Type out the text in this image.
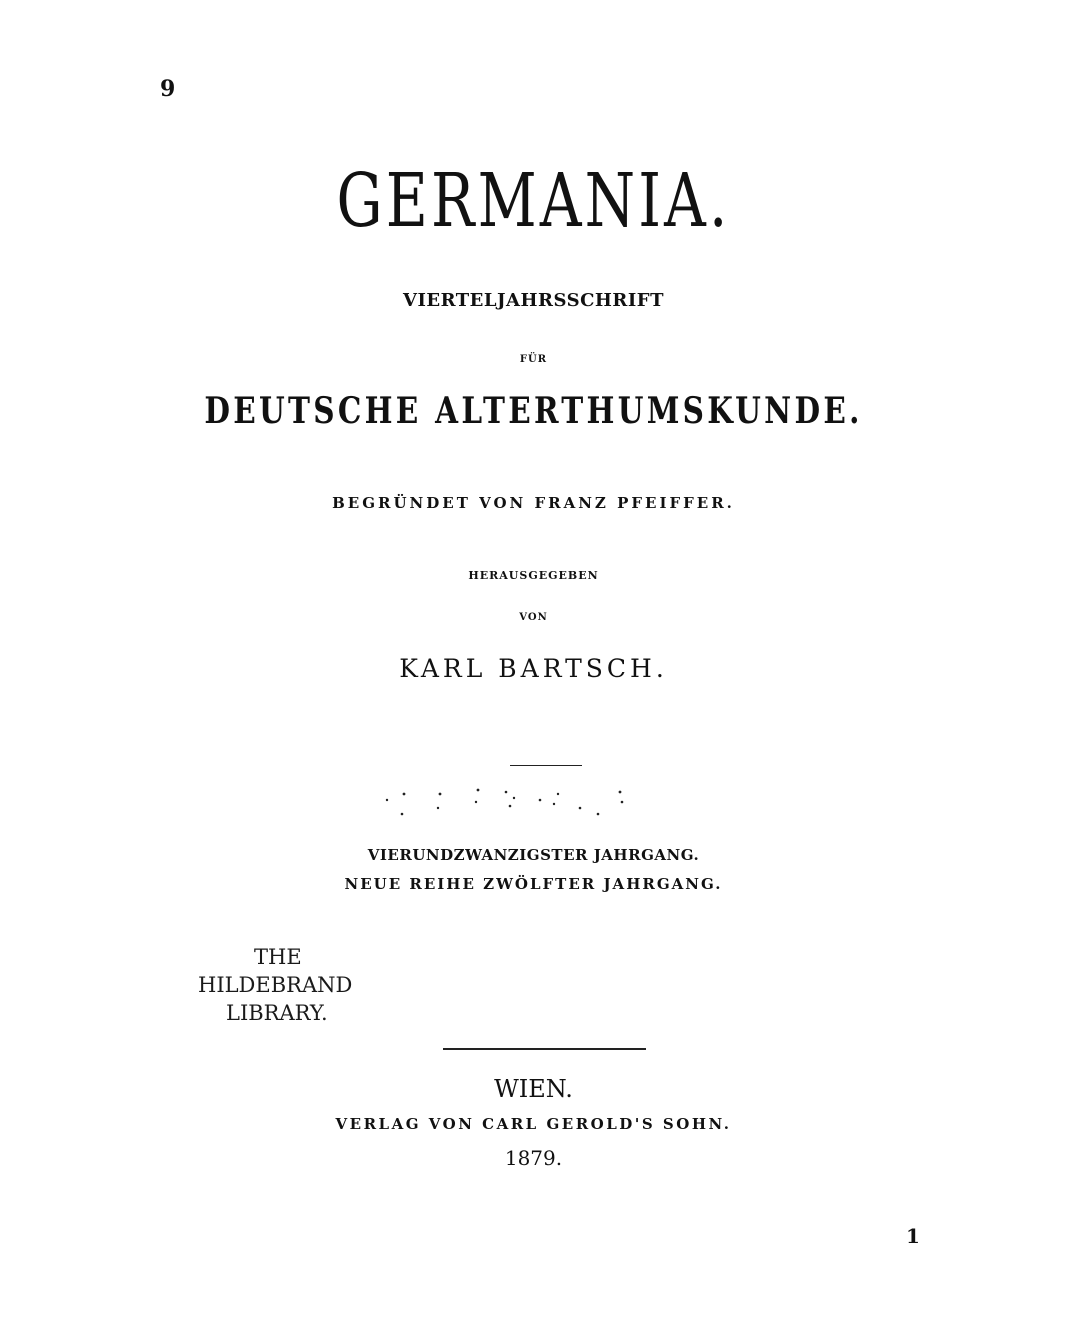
9
GERMANIA.
VIERTELJAHRSSCHRIFT
FÜR
DEUTSCHE ALTERTHUMSKUNDE.
BEGRÜNDET VON FRANZ PFEIFFER.
HERAUSGEGEBEN
VON
KARL BARTSCH.
VIERUNDZWANZIGSTER JAHRGANG.
NEUE REIHE ZWÖLFTER JAHRGANG.
THE
HILDEBRAND
LIBRARY.
WIEN.
VERLAG VON CARL GEROLD'S SOHN.
1879.
1
